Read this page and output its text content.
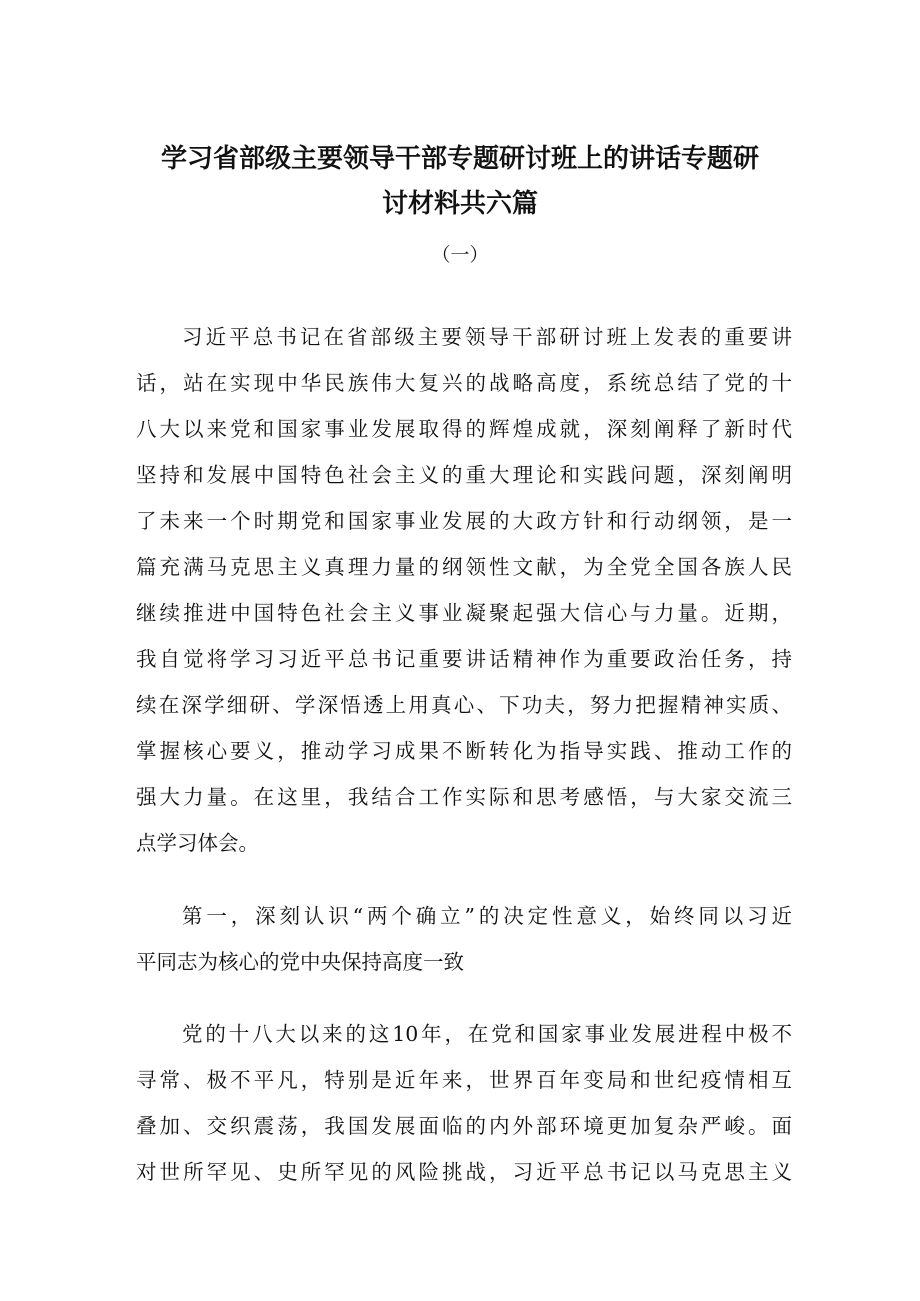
学习省部级主要领导干部专题研讨班上的讲话专题研
讨材料共六篇
（一）
习近平总书记在省部级主要领导干部研讨班上发表的重要讲
话，站在实现中华民族伟大复兴的战略高度，系统总结了党的十
八大以来党和国家事业发展取得的辉煌成就，深刻阐释了新时代
坚持和发展中国特色社会主义的重大理论和实践问题，深刻阐明
了未来一个时期党和国家事业发展的大政方针和行动纲领，是一
篇充满马克思主义真理力量的纲领性文献，为全党全国各族人民
继续推进中国特色社会主义事业凝聚起强大信心与力量。近期，
我自觉将学习习近平总书记重要讲话精神作为重要政治任务，持
续在深学细研、学深悟透上用真心、下功夫，努力把握精神实质、
掌握核心要义，推动学习成果不断转化为指导实践、推动工作的
强大力量。在这里，我结合工作实际和思考感悟，与大家交流三
点学习体会。
第一，深刻认识“两个确立”的决定性意义，始终同以习近
平同志为核心的党中央保持高度一致
党的十八大以来的这10年，在党和国家事业发展进程中极不
寻常、极不平凡，特别是近年来，世界百年变局和世纪疫情相互
叠加、交织震荡，我国发展面临的内外部环境更加复杂严峻。面
对世所罕见、史所罕见的风险挑战，习近平总书记以马克思主义
